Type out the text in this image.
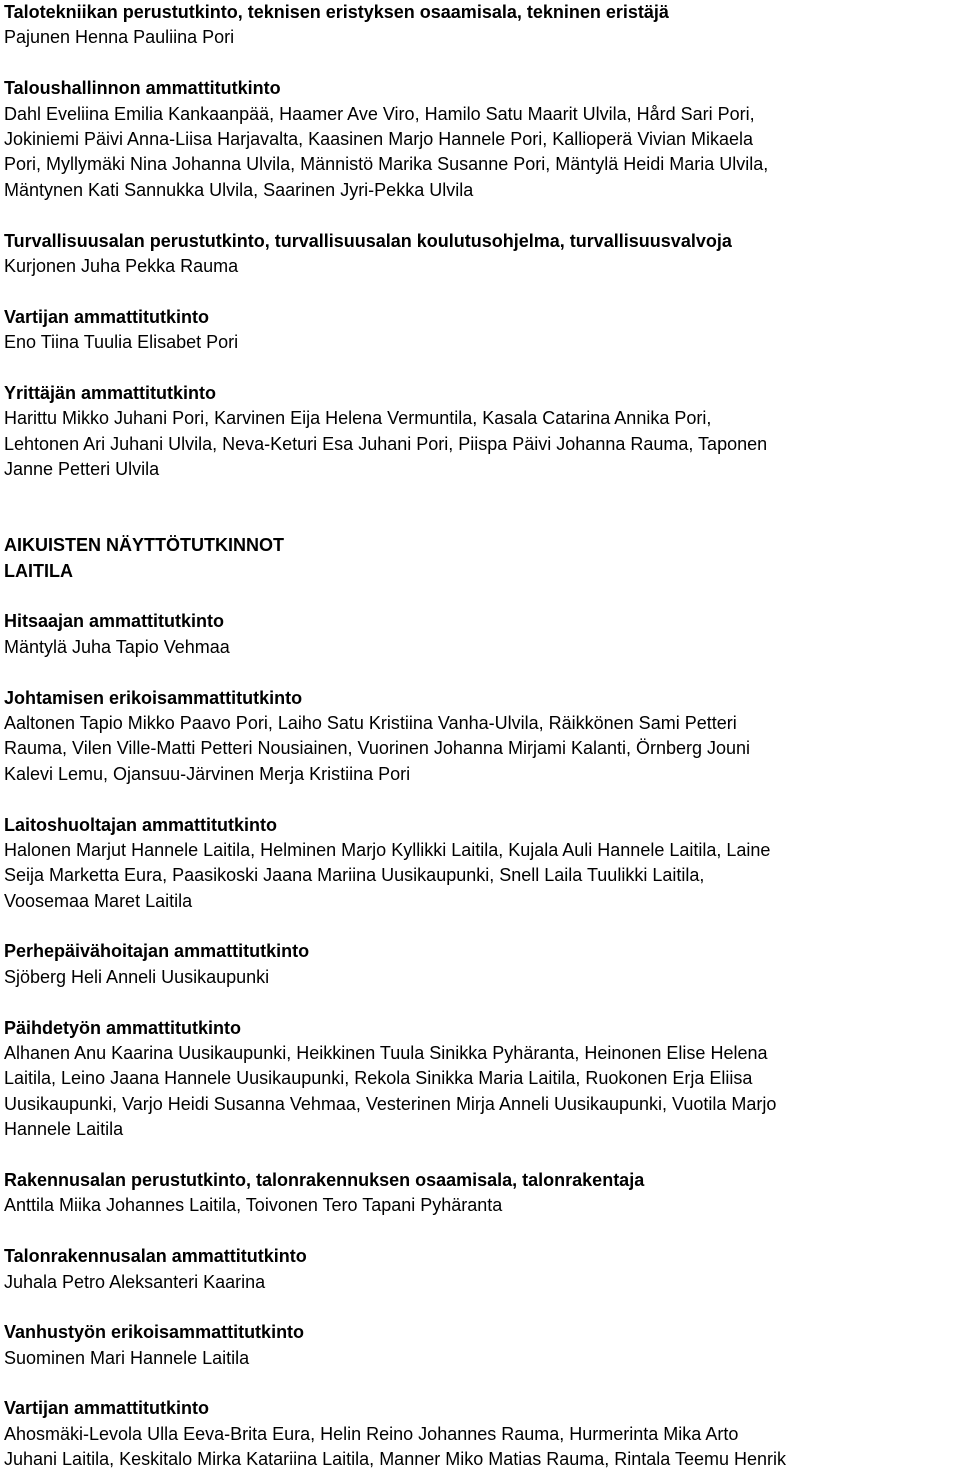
Talotekniikan perustutkinto, teknisen eristyksen osaamisala, tekninen eristäjä
Pajunen Henna Pauliina Pori
Taloushallinnon ammattitutkinto
Dahl Eveliina Emilia Kankaanpää, Haamer Ave Viro, Hamilo Satu Maarit Ulvila, Hård Sari Pori,
Jokiniemi Päivi Anna-Liisa Harjavalta, Kaasinen Marjo Hannele Pori, Kallioperä Vivian Mikaela
Pori, Myllymäki Nina Johanna Ulvila, Männistö Marika Susanne Pori, Mäntylä Heidi Maria Ulvila,
Mäntynen Kati Sannukka Ulvila, Saarinen Jyri-Pekka Ulvila
Turvallisuusalan perustutkinto, turvallisuusalan koulutusohjelma, turvallisuusvalvoja
Kurjonen Juha Pekka Rauma
Vartijan ammattitutkinto
Eno Tiina Tuulia Elisabet Pori
Yrittäjän ammattitutkinto
Harittu Mikko Juhani Pori, Karvinen Eija Helena Vermuntila, Kasala Catarina Annika Pori,
Lehtonen Ari Juhani Ulvila, Neva-Keturi Esa Juhani Pori, Piispa Päivi Johanna Rauma, Taponen
Janne Petteri Ulvila
AIKUISTEN NÄYTTÖTUTKINNOT
LAITILA
Hitsaajan ammattitutkinto
Mäntylä Juha Tapio Vehmaa
Johtamisen erikoisammattitutkinto
Aaltonen Tapio Mikko Paavo Pori, Laiho Satu Kristiina Vanha-Ulvila, Räikkönen Sami Petteri
Rauma, Vilen Ville-Matti Petteri Nousiainen, Vuorinen Johanna Mirjami Kalanti, Örnberg Jouni
Kalevi Lemu, Ojansuu-Järvinen Merja Kristiina Pori
Laitoshuoltajan ammattitutkinto
Halonen Marjut Hannele Laitila, Helminen Marjo Kyllikki Laitila, Kujala Auli Hannele Laitila, Laine
Seija Marketta Eura, Paasikoski Jaana Mariina Uusikaupunki, Snell Laila Tuulikki Laitila,
Voosemaa Maret Laitila
Perhepäivähoitajan ammattitutkinto
Sjöberg Heli Anneli Uusikaupunki
Päihdetyön ammattitutkinto
Alhanen Anu Kaarina Uusikaupunki, Heikkinen Tuula Sinikka Pyhäranta, Heinonen Elise Helena
Laitila, Leino Jaana Hannele Uusikaupunki, Rekola Sinikka Maria Laitila, Ruokonen Erja Eliisa
Uusikaupunki, Varjo Heidi Susanna Vehmaa, Vesterinen Mirja Anneli Uusikaupunki, Vuotila Marjo
Hannele Laitila
Rakennusalan perustutkinto, talonrakennuksen osaamisala, talonrakentaja
Anttila Miika Johannes Laitila, Toivonen Tero Tapani Pyhäranta
Talonrakennusalan ammattitutkinto
Juhala Petro Aleksanteri Kaarina
Vanhustyön erikoisammattitutkinto
Suominen Mari Hannele Laitila
Vartijan ammattitutkinto
Ahosmäki-Levola Ulla Eeva-Brita Eura, Helin Reino Johannes Rauma, Hurmerinta Mika Arto
Juhani Laitila, Keskitalo Mirka Katariina Laitila, Manner Miko Matias Rauma, Rintala Teemu Henrik
